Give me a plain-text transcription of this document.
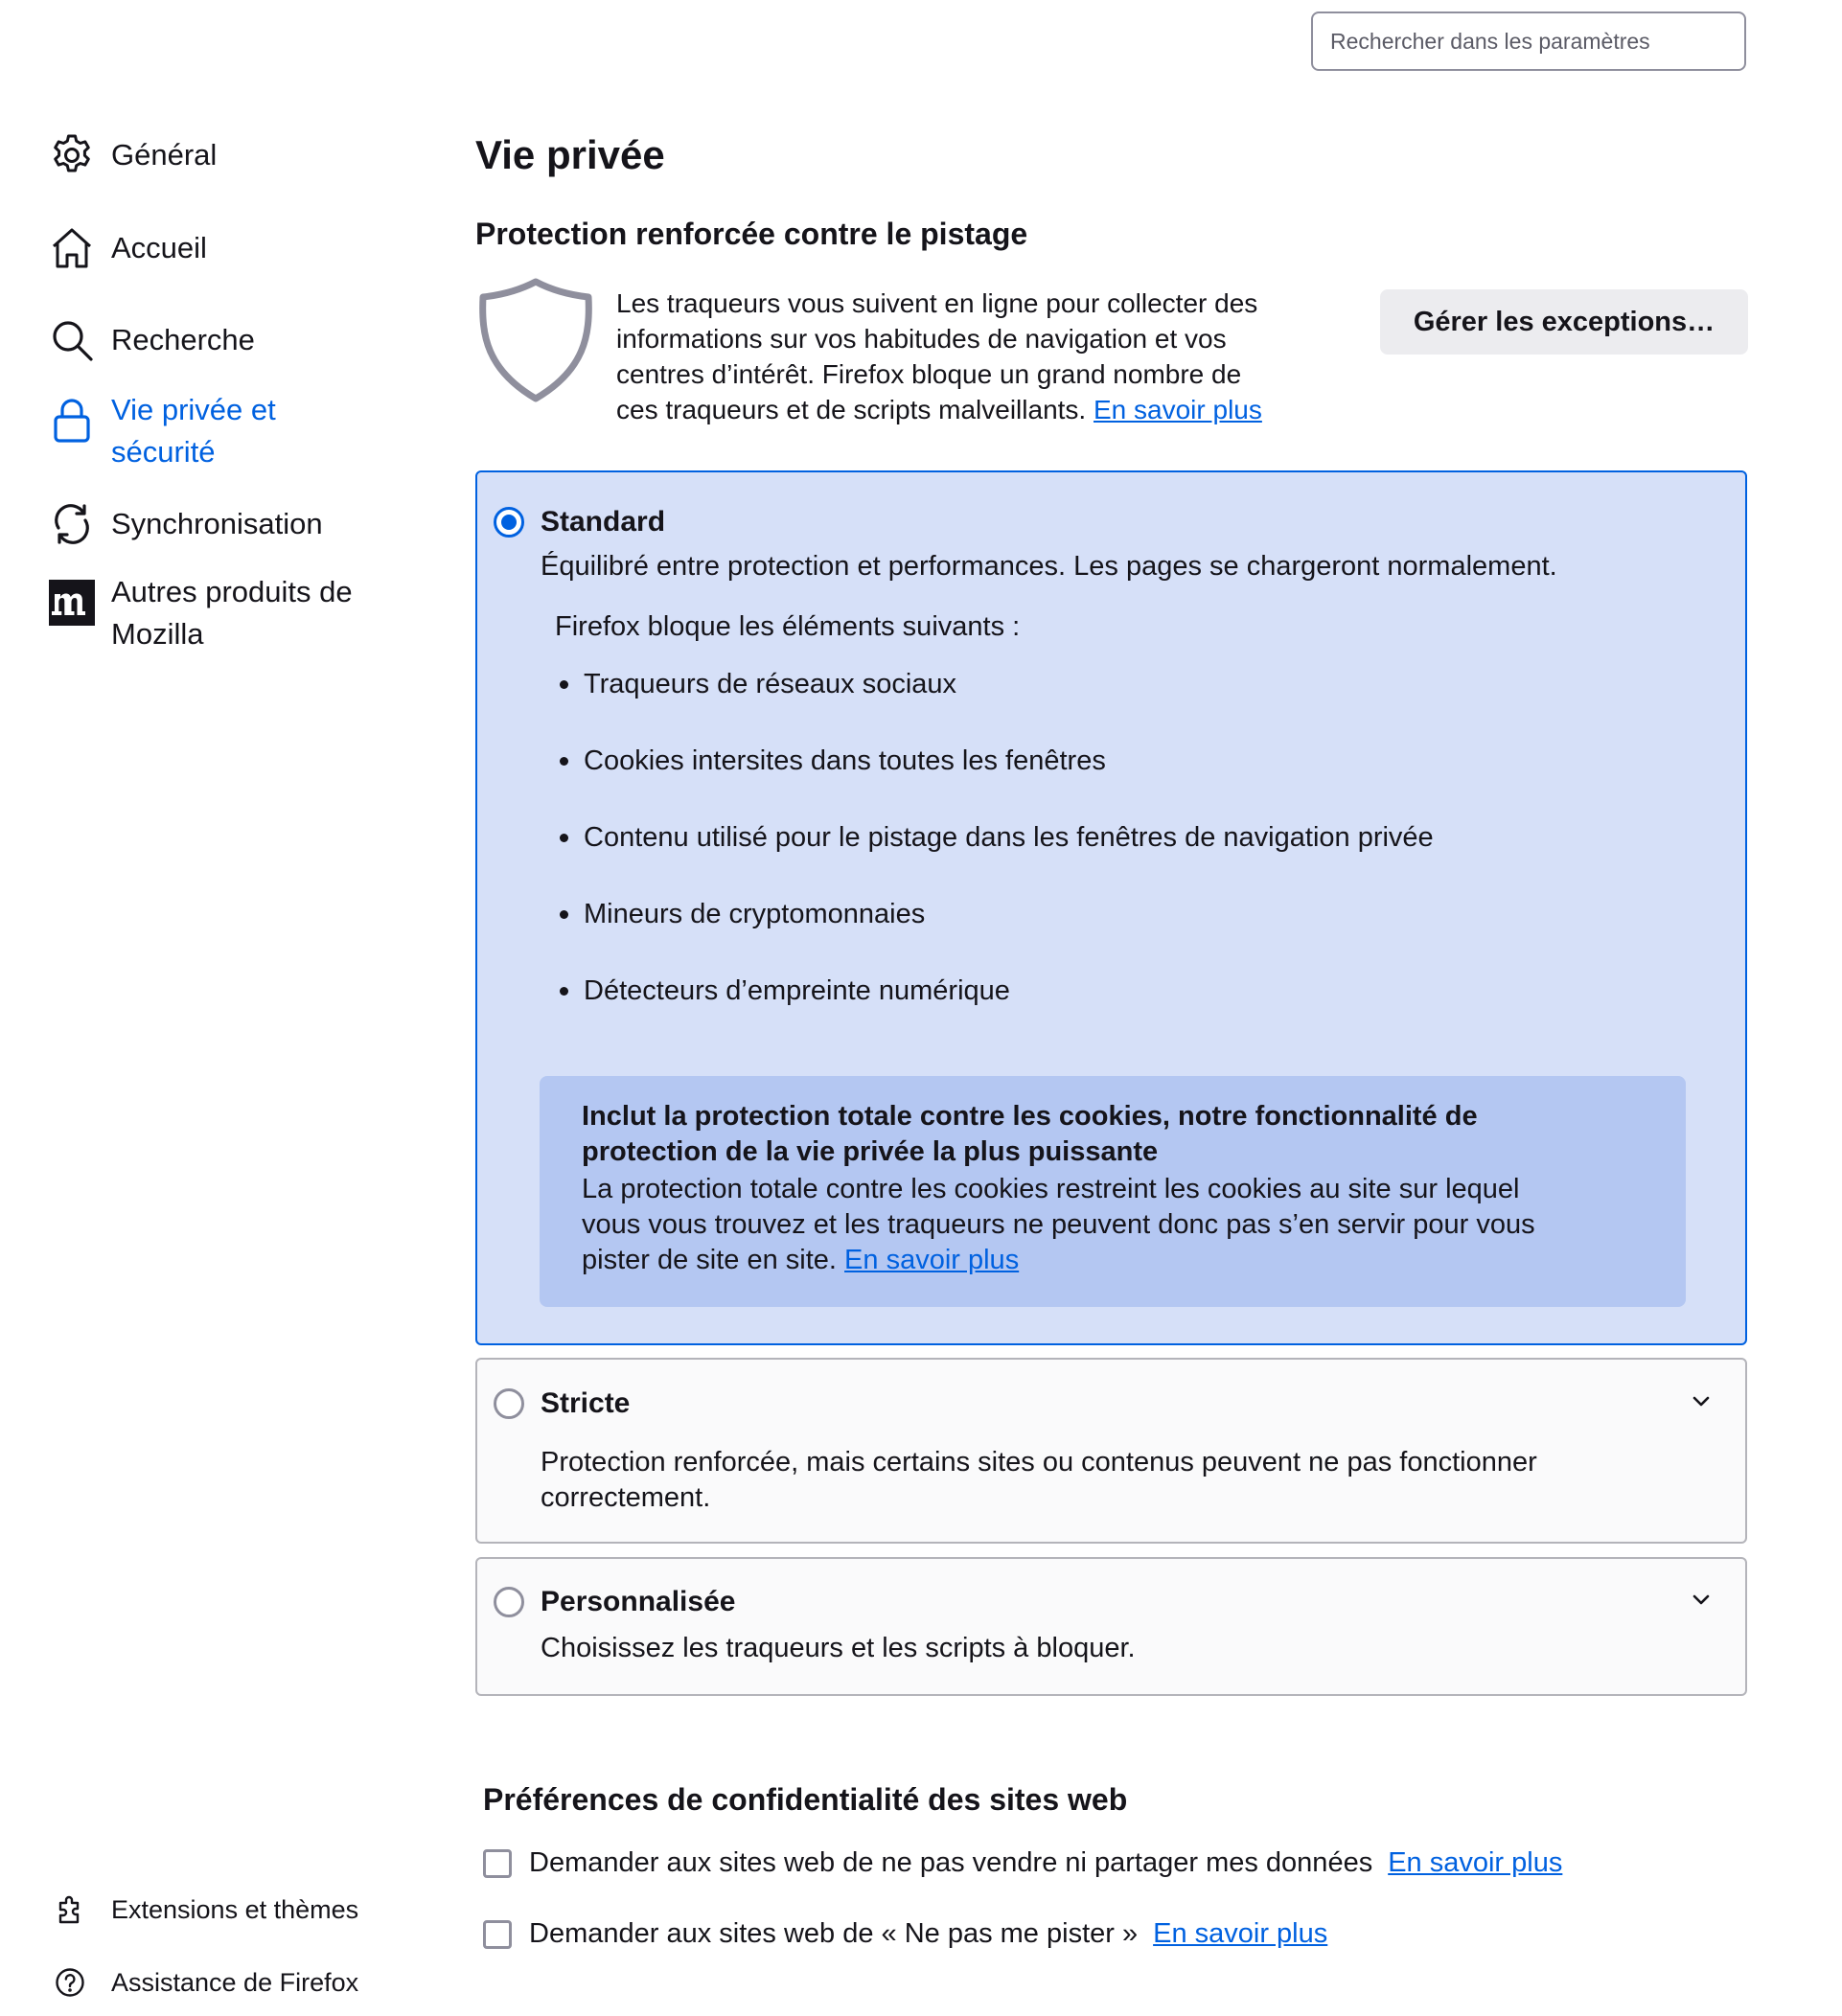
Rechercher dans les paramètres
Général
Accueil
Recherche
Vie privée et
sécurité
Synchronisation
Autres produits de
Mozilla
Extensions et thèmes
Assistance de Firefox
Vie privée
Protection renforcée contre le pistage
Les traqueurs vous suivent en ligne pour collecter des
informations sur vos habitudes de navigation et vos
centres d’intérêt. Firefox bloque un grand nombre de
ces traqueurs et de scripts malveillants. En savoir plus
Gérer les exceptions…
Standard
Équilibré entre protection et performances. Les pages se chargeront normalement.
Firefox bloque les éléments suivants :
Traqueurs de réseaux sociaux
Cookies intersites dans toutes les fenêtres
Contenu utilisé pour le pistage dans les fenêtres de navigation privée
Mineurs de cryptomonnaies
Détecteurs d’empreinte numérique
Inclut la protection totale contre les cookies, notre fonctionnalité de
protection de la vie privée la plus puissante
La protection totale contre les cookies restreint les cookies au site sur lequel
vous vous trouvez et les traqueurs ne peuvent donc pas s’en servir pour vous
pister de site en site. En savoir plus
Stricte
Protection renforcée, mais certains sites ou contenus peuvent ne pas fonctionner
correctement.
Personnalisée
Choisissez les traqueurs et les scripts à bloquer.
Préférences de confidentialité des sites web
Demander aux sites web de ne pas vendre ni partager mes données En savoir plus
Demander aux sites web de « Ne pas me pister » En savoir plus
